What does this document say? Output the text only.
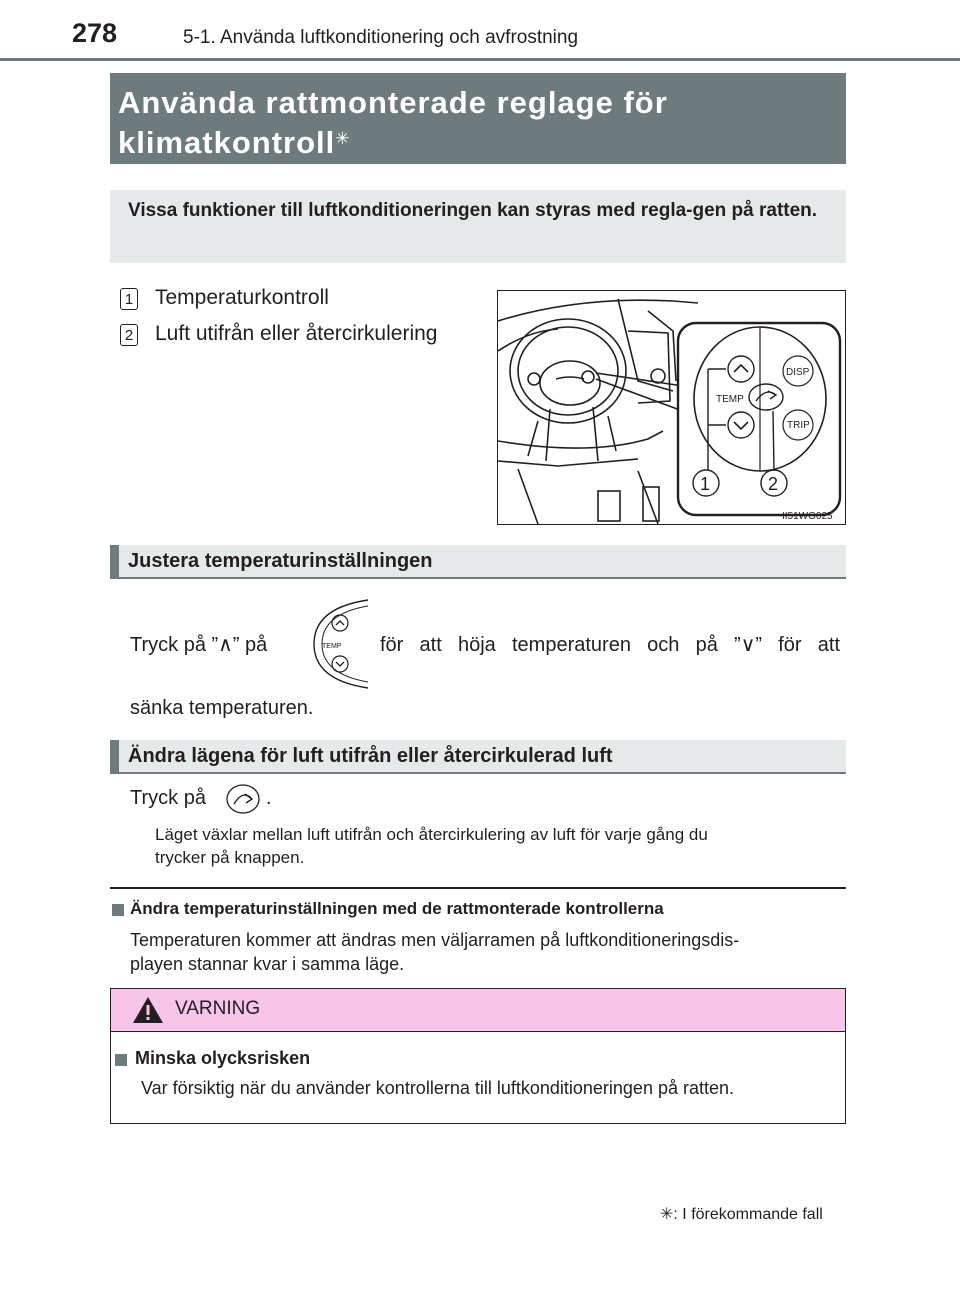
278	5-1. Använda luftkonditionering och avfrostning
Använda rattmonterade reglage för
klimatkontroll✳
Vissa funktioner till luftkonditioneringen kan styras med regla-gen på ratten.
1 Temperaturkontroll
2 Luft utifrån eller återcirkulering
TEMP
DISP
TRIP
1	2
II51WG025
Justera temperaturinställningen
Tryck på ”∧” på	TEMP för att höja temperaturen och på ”∨” för att
sänka temperaturen.
Ändra lägena för luft utifrån eller återcirkulerad luft
Tryck på	.
Läget växlar mellan luft utifrån och återcirkulering av luft för varje gång du
trycker på knappen.
Ändra temperaturinställningen med de rattmonterade kontrollerna
Temperaturen kommer att ändras men väljarramen på luftkonditioneringsdis-
playen stannar kvar i samma läge.
VARNING
Minska olycksrisken
Var försiktig när du använder kontrollerna till luftkonditioneringen på ratten.
✳: I förekommande fall
